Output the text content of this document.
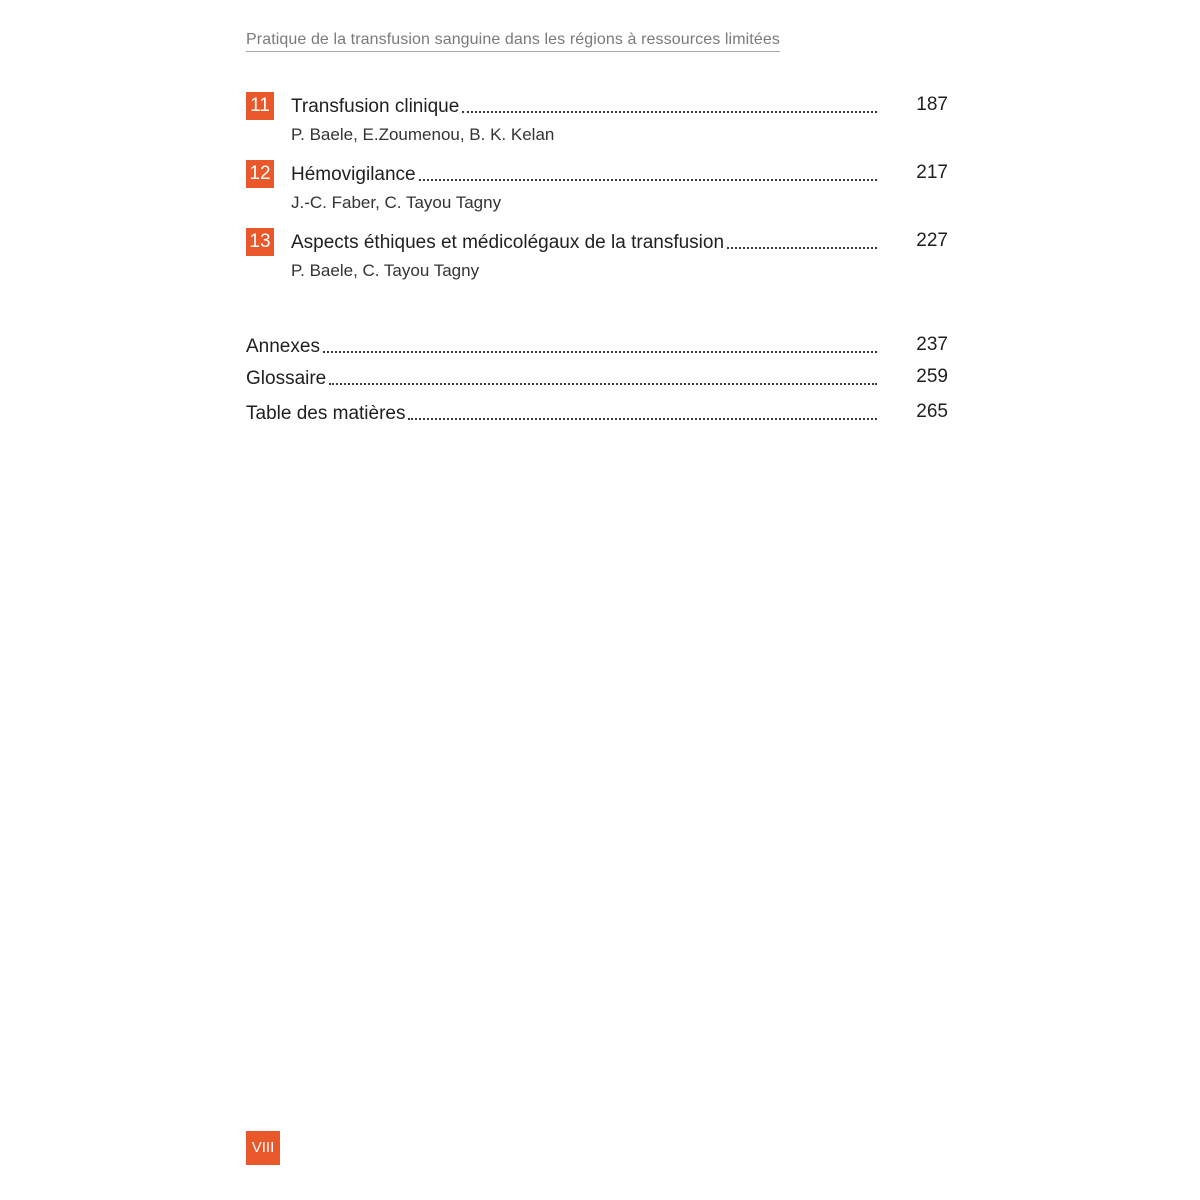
Pratique de la transfusion sanguine dans les régions à ressources limitées
11 Transfusion clinique	187
P. Baele, E.Zoumenou, B. K. Kelan
12 Hémovigilance	217
J.-C. Faber, C. Tayou Tagny
13 Aspects éthiques et médicolégaux de la transfusion	227
P. Baele, C. Tayou Tagny
Annexes	237
Glossaire	259
Table des matières	265
VIII
